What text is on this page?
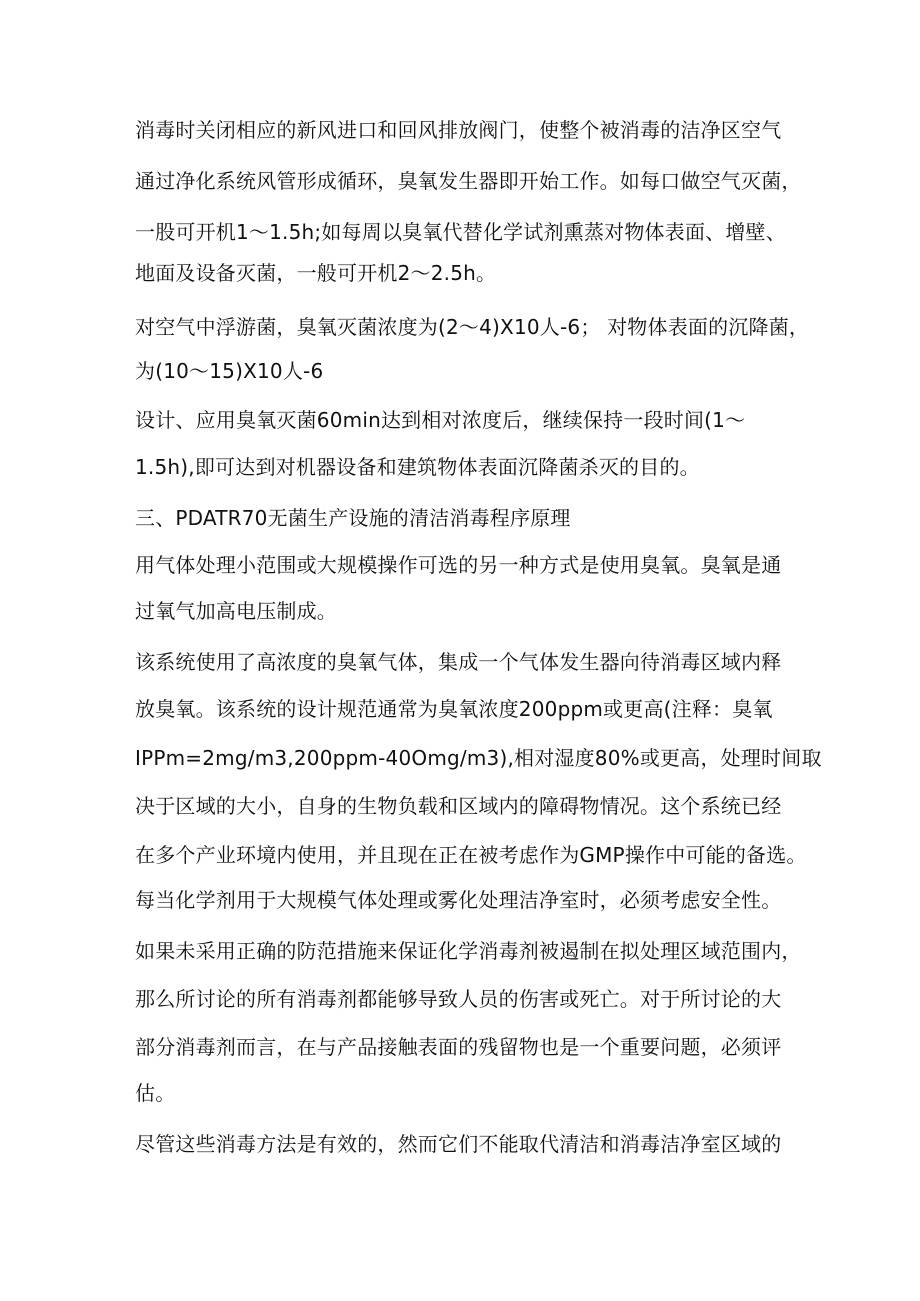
消毒时关闭相应的新风进口和回风排放阀门，使整个被消毒的洁净区空气
通过净化系统风管形成循环，臭氧发生器即开始工作。如每口做空气灭菌，
一股可开机1～1.5h;如每周以臭氧代替化学试剂熏蒸对物体表面、增壁、
地面及设备灭菌，一般可开机2～2.5h。
对空气中浮游菌，臭氧灭菌浓度为(2～4)X10人-6； 对物体表面的沉降菌，
为(10～15)X10人-6
设计、应用臭氧灭菌60min达到相对浓度后，继续保持一段时间(1～
1.5h),即可达到对机器设备和建筑物体表面沉降菌杀灭的目的。
三、PDATR70无菌生产设施的清洁消毒程序原理
用气体处理小范围或大规模操作可选的另一种方式是使用臭氧。臭氧是通
过氧气加高电压制成。
该系统使用了高浓度的臭氧气体，集成一个气体发生器向待消毒区域内释
放臭氧。该系统的设计规范通常为臭氧浓度200ppm或更高(注释：臭氧
IPPm=2mg/m3,200ppm-40Omg/m3),相对湿度80%或更高，处理时间取
决于区域的大小，自身的生物负载和区域内的障碍物情况。这个系统已经
在多个产业环境内使用，并且现在正在被考虑作为GMP操作中可能的备选。
每当化学剂用于大规模气体处理或雾化处理洁净室时，必须考虑安全性。
如果未采用正确的防范措施来保证化学消毒剂被遏制在拟处理区域范围内，
那么所讨论的所有消毒剂都能够导致人员的伤害或死亡。对于所讨论的大
部分消毒剂而言，在与产品接触表面的残留物也是一个重要问题，必须评
估。
尽管这些消毒方法是有效的，然而它们不能取代清洁和消毒洁净室区域的
